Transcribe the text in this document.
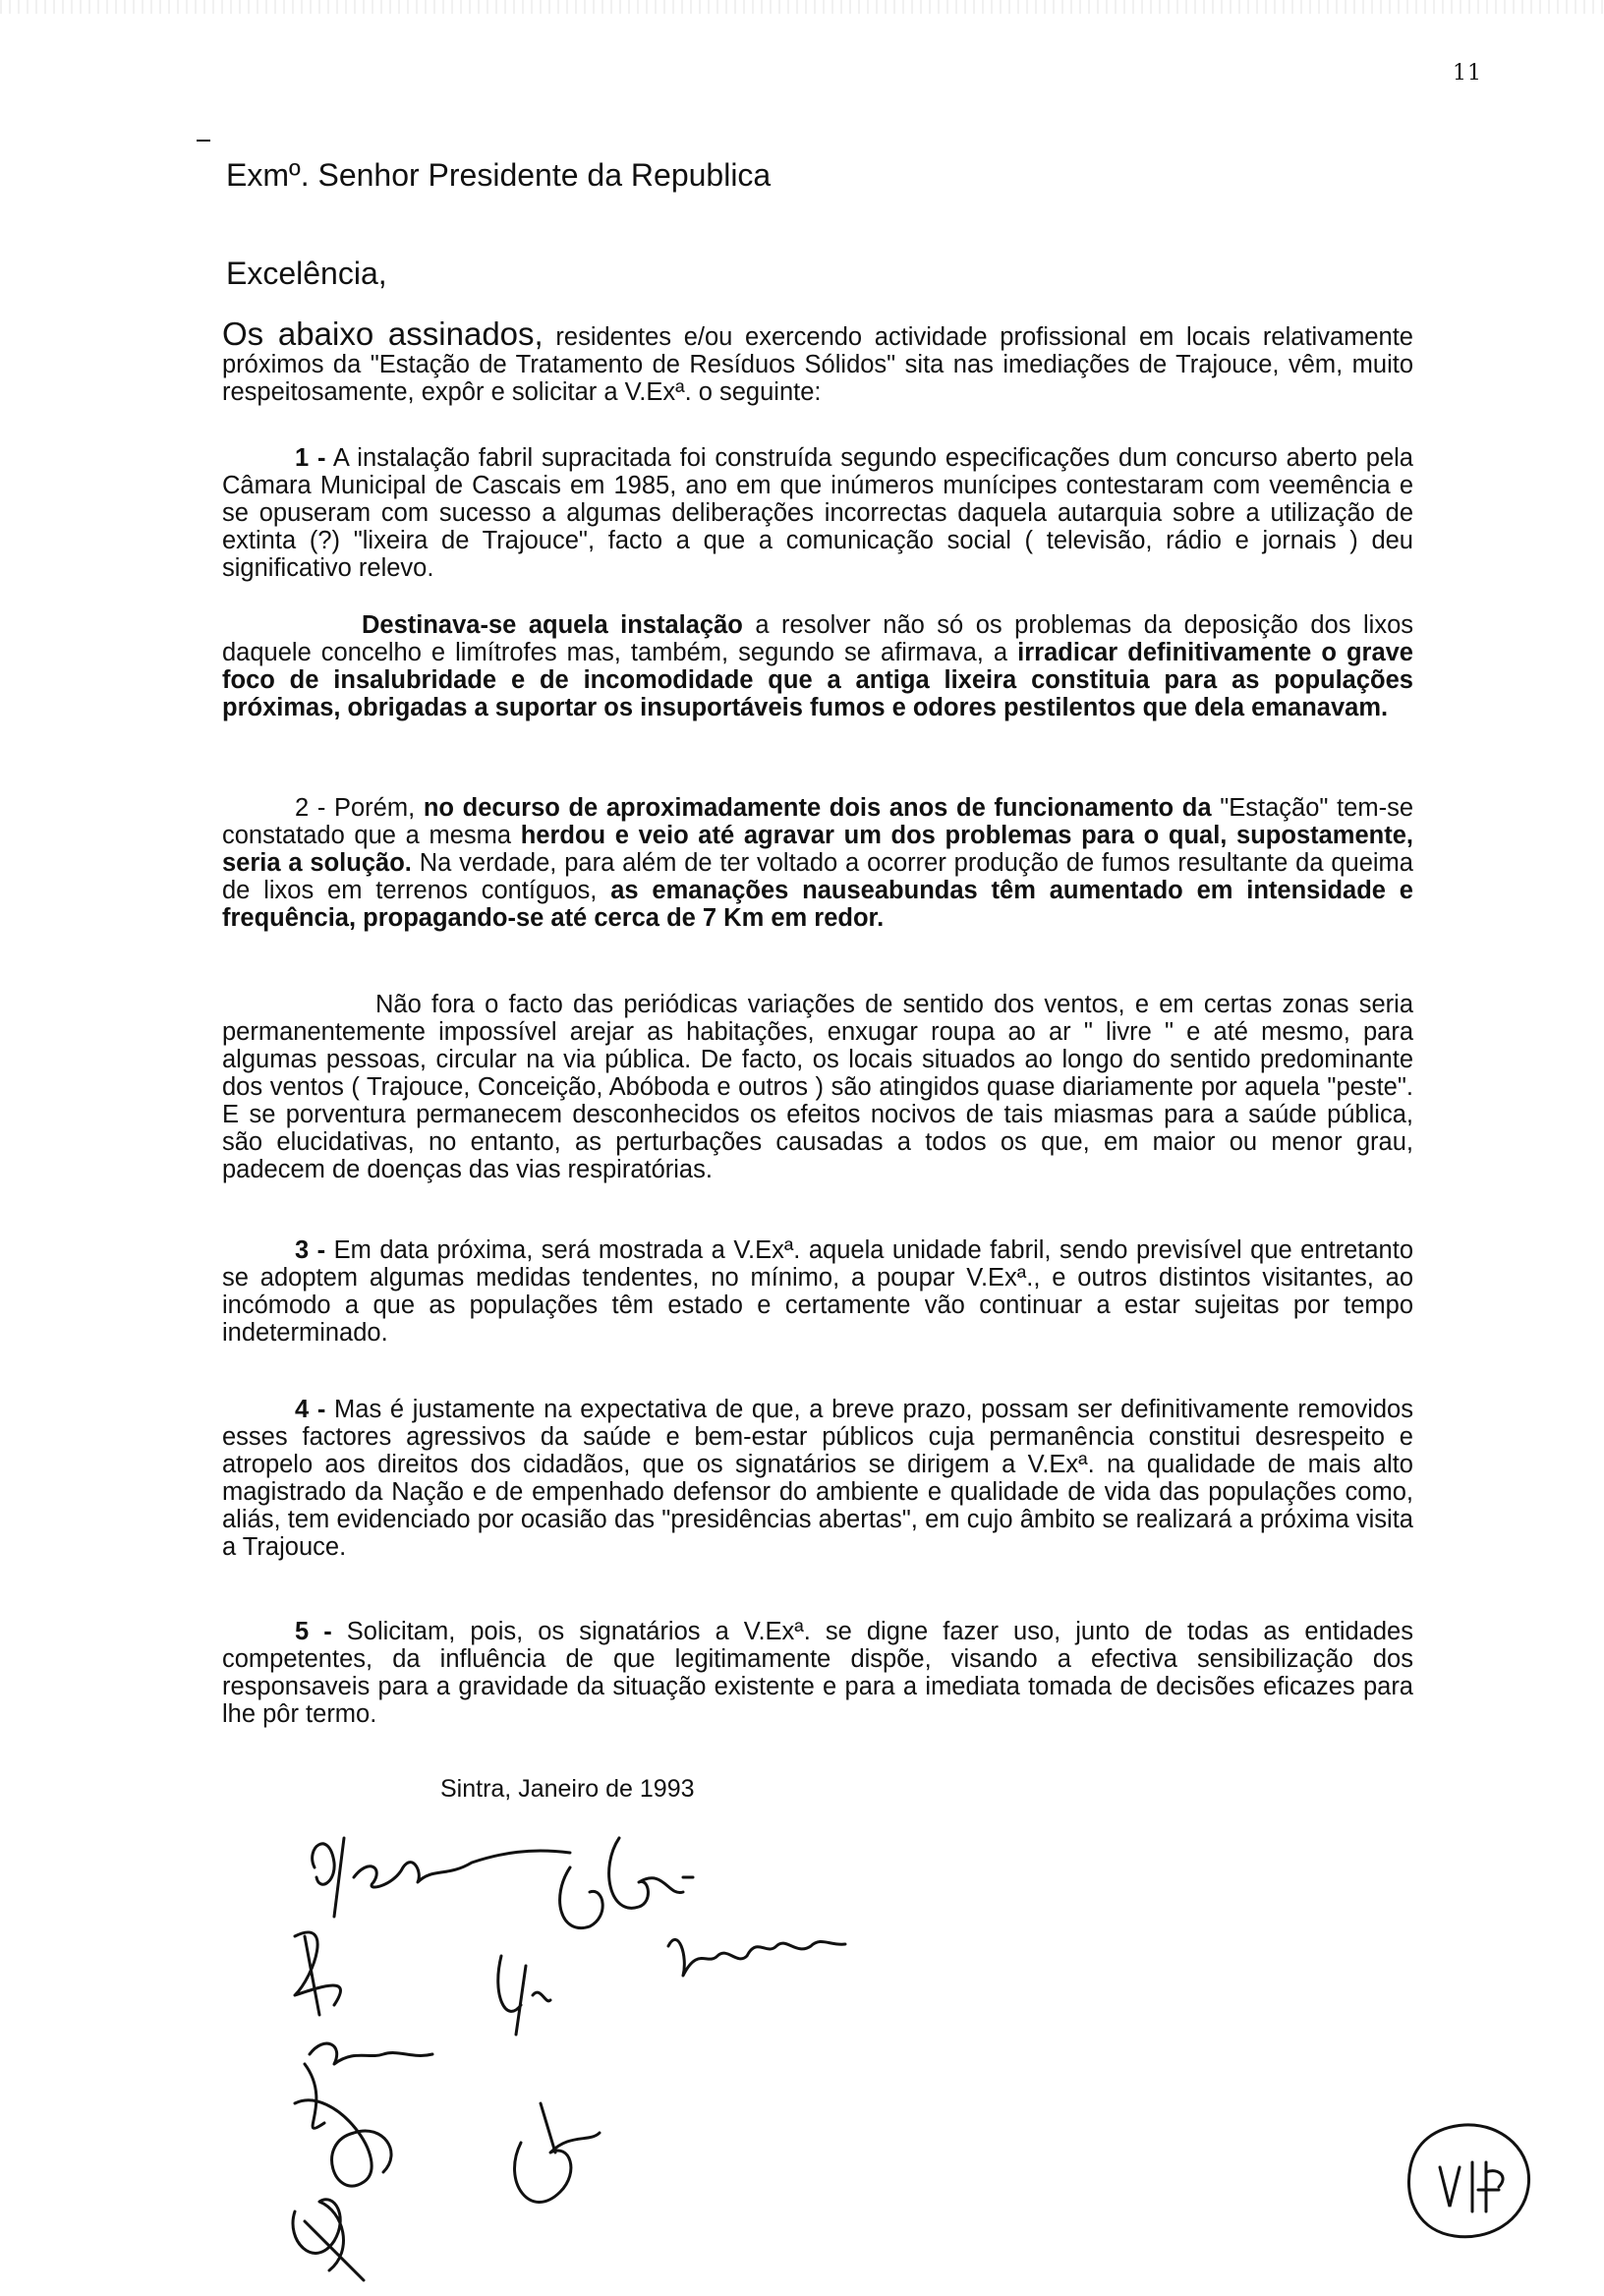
11
Exmº. Senhor Presidente da Republica
Excelência,

Os abaixo assinados, residentes e/ou exercendo actividade profissional em locais relativamente próximos da "Estação de Tratamento de Resíduos Sólidos" sita nas imediações de Trajouce, vêm, muito respeitosamente, expôr e solicitar a V.Exª. o seguinte:

1 - A instalação fabril supracitada foi construída segundo especificações dum concurso aberto pela Câmara Municipal de Cascais em 1985, ano em que inúmeros munícipes contestaram com veemência e se opuseram com sucesso a algumas deliberações incorrectas daquela autarquia sobre a utilização de extinta (?) "lixeira de Trajouce", facto a que a comunicação social ( televisão, rádio e jornais ) deu significativo relevo.

Destinava-se aquela instalação a resolver não só os problemas da deposição dos lixos daquele concelho e limítrofes mas, também, segundo se afirmava, a irradicar definitivamente o grave foco de insalubridade e de incomodidade que a antiga lixeira constituia para as populações próximas, obrigadas a suportar os insuportáveis fumos e odores pestilentos que dela emanavam.

2 - Porém, no decurso de aproximadamente dois anos de funcionamento da "Estação" tem-se constatado que a mesma herdou e veio até agravar um dos problemas para o qual, supostamente, seria a solução. Na verdade, para além de ter voltado a ocorrer produção de fumos resultante da queima de lixos em terrenos contíguos, as emanações nauseabundas têm aumentado em intensidade e frequência, propagando-se até cerca de 7 Km em redor.

Não fora o facto das periódicas variações de sentido dos ventos, e em certas zonas seria permanentemente impossível arejar as habitações, enxugar roupa ao ar " livre " e até mesmo, para algumas pessoas, circular na via pública. De facto, os locais situados ao longo do sentido predominante dos ventos ( Trajouce, Conceição, Abóboda e outros ) são atingidos quase diariamente por aquela "peste". E se porventura permanecem desconhecidos os efeitos nocivos de tais miasmas para a saúde pública, são elucidativas, no entanto, as perturbações causadas a todos os que, em maior ou menor grau, padecem de doenças das vias respiratórias.

3 - Em data próxima, será mostrada a V.Exª. aquela unidade fabril, sendo previsível que entretanto se adoptem algumas medidas tendentes, no mínimo, a poupar V.Exª., e outros distintos visitantes, ao incómodo a que as populações têm estado e certamente vão continuar a estar sujeitas por tempo indeterminado.

4 - Mas é justamente na expectativa de que, a breve prazo, possam ser definitivamente removidos esses factores agressivos da saúde e bem-estar públicos cuja permanência constitui desrespeito e atropelo aos direitos dos cidadãos, que os signatários se dirigem a V.Exª. na qualidade de mais alto magistrado da Nação e de empenhado defensor do ambiente e qualidade de vida das populações como, aliás, tem evidenciado por ocasião das "presidências abertas", em cujo âmbito se realizará a próxima visita a Trajouce.

5 - Solicitam, pois, os signatários a V.Exª. se digne fazer uso, junto de todas as entidades competentes, da influência de que legitimamente dispõe, visando a efectiva sensibilização dos responsaveis para a gravidade da situação existente e para a imediata tomada de decisões eficazes para lhe pôr termo.

Sintra, Janeiro de 1993
